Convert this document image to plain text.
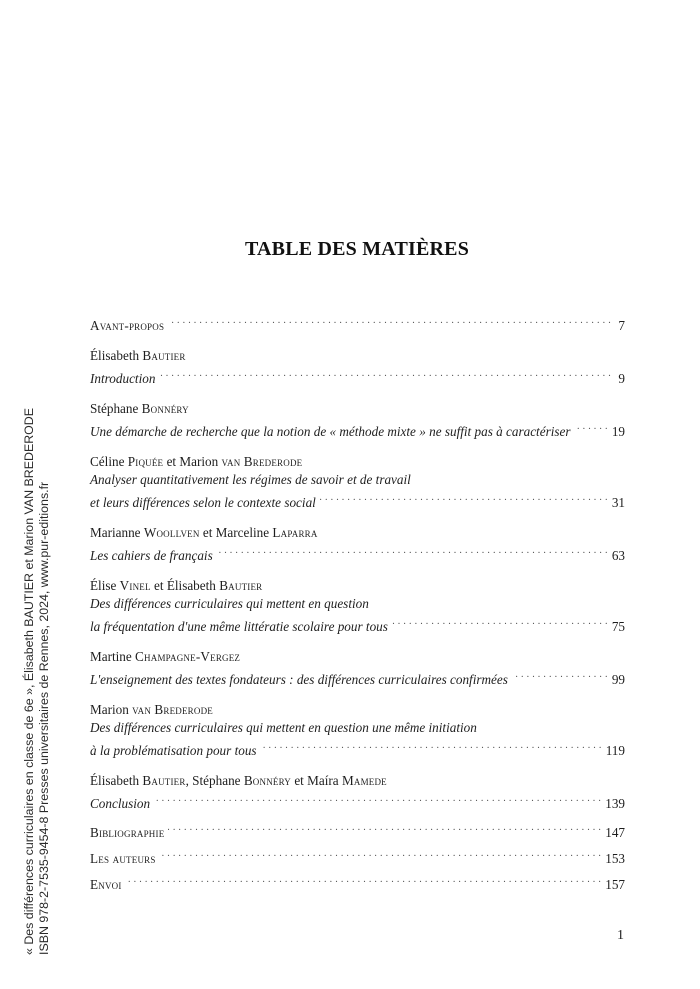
« Des différences curriculaires en classe de 6e », Élisabeth BAUTIER et Marion VAN BREDERODE ISBN 978-2-7535-9454-8 Presses universitaires de Rennes, 2024, www.pur-editions.fr
TABLE DES MATIÈRES
Avant-propos . . .	7
Élisabeth Bautier
Introduction . . .	9
Stéphane Bonnéry
Une démarche de recherche que la notion de « méthode mixte » ne suffit pas à caractériser . . .	19
Céline Piquée et Marion van Brederode
Analyser quantitativement les régimes de savoir et de travail
et leurs différences selon le contexte social . . .	31
Marianne Woollven et Marceline Laparra
Les cahiers de français . . .	63
Élise Vinel et Élisabeth Bautier
Des différences curriculaires qui mettent en question
la fréquentation d'une même littératie scolaire pour tous . . .	75
Martine Champagne-Vergez
L'enseignement des textes fondateurs : des différences curriculaires confirmées . . .	99
Marion van Brederode
Des différences curriculaires qui mettent en question une même initiation
à la problématisation pour tous . . .	119
Élisabeth Bautier, Stéphane Bonnéry et Maíra Mamede
Conclusion . . .	139
Bibliographie . . .	147
Les auteurs . . .	153
Envoi . . .	157
1
